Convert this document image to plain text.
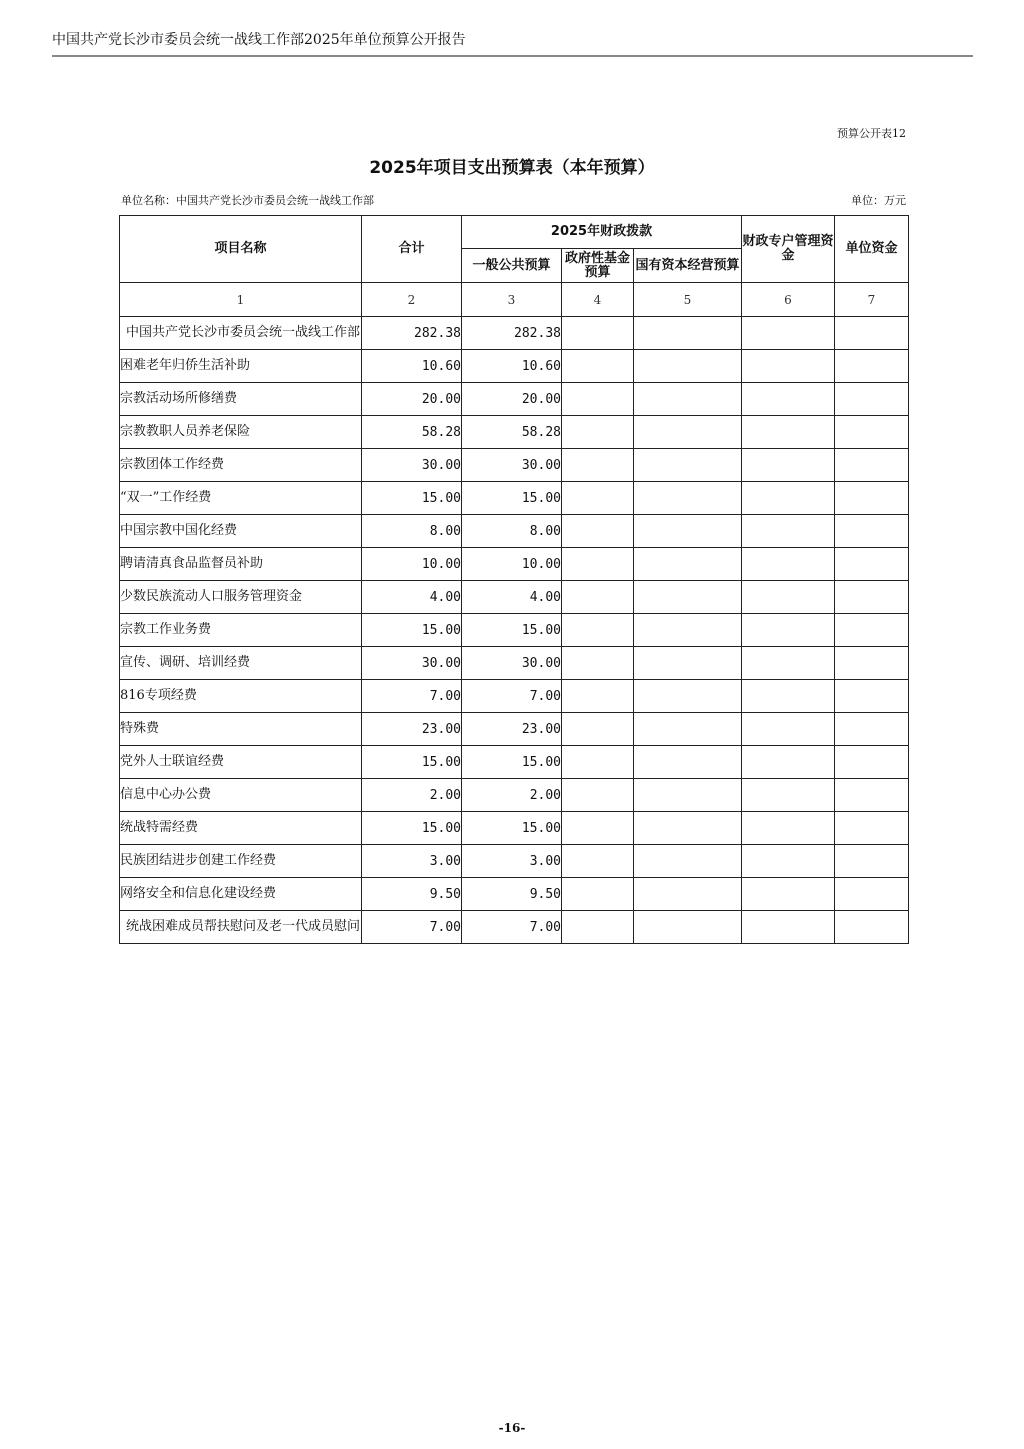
中国共产党长沙市委员会统一战线工作部2025年单位预算公开报告
预算公开表12
2025年项目支出预算表（本年预算）
单位名称：中国共产党长沙市委员会统一战线工作部	单位：万元
项目名称	合计	2025年财政拨款			财政专户管理资金	单位资金
		一般公共预算	政府性基金预算	国有资本经营预算		
1	2	3	4	5	6	7
中国共产党长沙市委员会统一战线工作部	282.38	282.38				
困难老年归侨生活补助	10.60	10.60				
宗教活动场所修缮费	20.00	20.00				
宗教教职人员养老保险	58.28	58.28				
宗教团体工作经费	30.00	30.00				
“双一”工作经费	15.00	15.00				
中国宗教中国化经费	8.00	8.00				
聘请清真食品监督员补助	10.00	10.00				
少数民族流动人口服务管理资金	4.00	4.00				
宗教工作业务费	15.00	15.00				
宣传、调研、培训经费	30.00	30.00				
816专项经费	7.00	7.00				
特殊费	23.00	23.00				
党外人士联谊经费	15.00	15.00				
信息中心办公费	2.00	2.00				
统战特需经费	15.00	15.00				
民族团结进步创建工作经费	3.00	3.00				
网络安全和信息化建设经费	9.50	9.50				
统战困难成员帮扶慰问及老一代成员慰问	7.00	7.00				
-16-
